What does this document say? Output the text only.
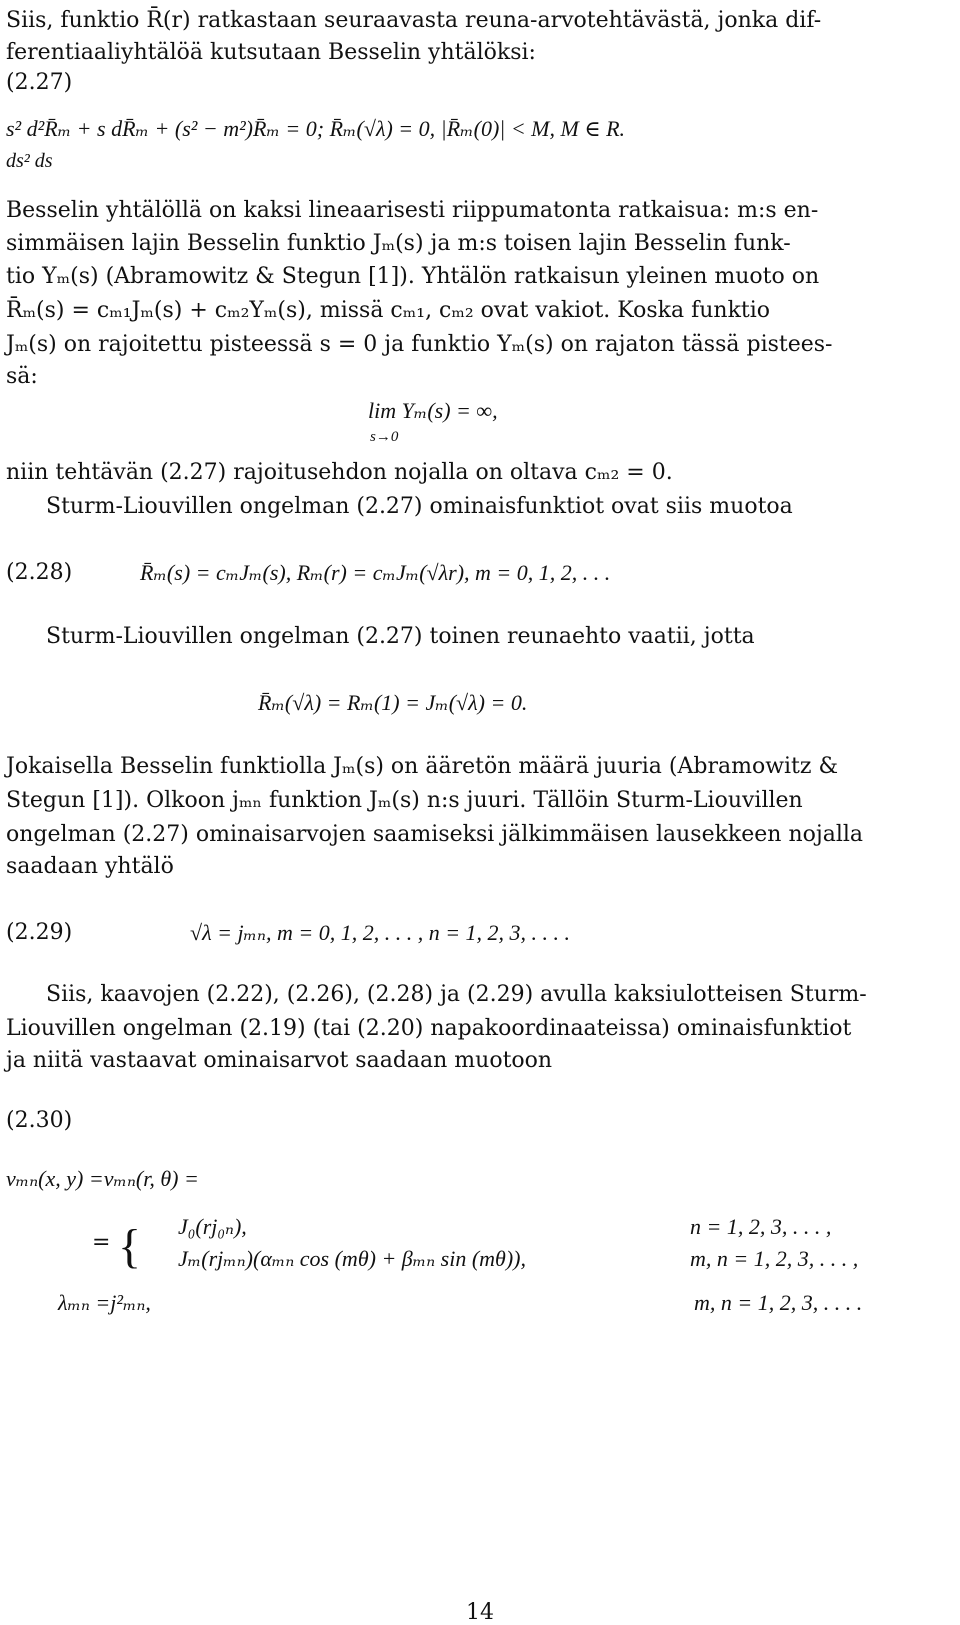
Siis, funktio R̄(r) ratkastaan seuraavasta reuna-arvotehtävästä, jonka dif-
ferentiaaliyhtälöä kutsutaan Besselin yhtälöksi:
(2.27)
s² d²R̄ₘ + s dR̄ₘ + (s² − m²)R̄ₘ = 0; R̄ₘ(√λ) = 0, |R̄ₘ(0)| < M, M ∈ R.
ds² ds
Besselin yhtälöllä on kaksi lineaarisesti riippumatonta ratkaisua: m:s en-
simmäisen lajin Besselin funktio Jₘ(s) ja m:s toisen lajin Besselin funk-
tio Yₘ(s) (Abramowitz & Stegun [1]). Yhtälön ratkaisun yleinen muoto on
R̄ₘ(s) = cₘ₁Jₘ(s) + cₘ₂Yₘ(s), missä cₘ₁, cₘ₂ ovat vakiot. Koska funktio
Jₘ(s) on rajoitettu pisteessä s = 0 ja funktio Yₘ(s) on rajaton tässä pistees-
sä:
lim Yₘ(s) = ∞,
s→0
niin tehtävän (2.27) rajoitusehdon nojalla on oltava cₘ₂ = 0.
Sturm-Liouvillen ongelman (2.27) ominaisfunktiot ovat siis muotoa
(2.28)	R̄ₘ(s) = cₘJₘ(s), Rₘ(r) = cₘJₘ(√λr), m = 0, 1, 2, . . .
Sturm-Liouvillen ongelman (2.27) toinen reunaehto vaatii, jotta
R̄ₘ(√λ) = Rₘ(1) = Jₘ(√λ) = 0.
Jokaisella Besselin funktiolla Jₘ(s) on ääretön määrä juuria (Abramowitz &
Stegun [1]). Olkoon jₘₙ funktion Jₘ(s) n:s juuri. Tällöin Sturm-Liouvillen
ongelman (2.27) ominaisarvojen saamiseksi jälkimmäisen lausekkeen nojalla
saadaan yhtälö
(2.29)	√λ = jₘₙ, m = 0, 1, 2, . . . , n = 1, 2, 3, . . . .
Siis, kaavojen (2.22), (2.26), (2.28) ja (2.29) avulla kaksiulotteisen Sturm-
Liouvillen ongelman (2.19) (tai (2.20) napakoordinaateissa) ominaisfunktiot
ja niitä vastaavat ominaisarvot saadaan muotoon
(2.30)
vₘₙ(x, y) =vₘₙ(r, θ) =
{
=
J₀(rj₀ₙ),	n = 1, 2, 3, . . . ,
Jₘ(rjₘₙ)(αₘₙ cos (mθ) + βₘₙ sin (mθ)),	m, n = 1, 2, 3, . . . ,
λₘₙ =j²ₘₙ,	m, n = 1, 2, 3, . . . .
14
